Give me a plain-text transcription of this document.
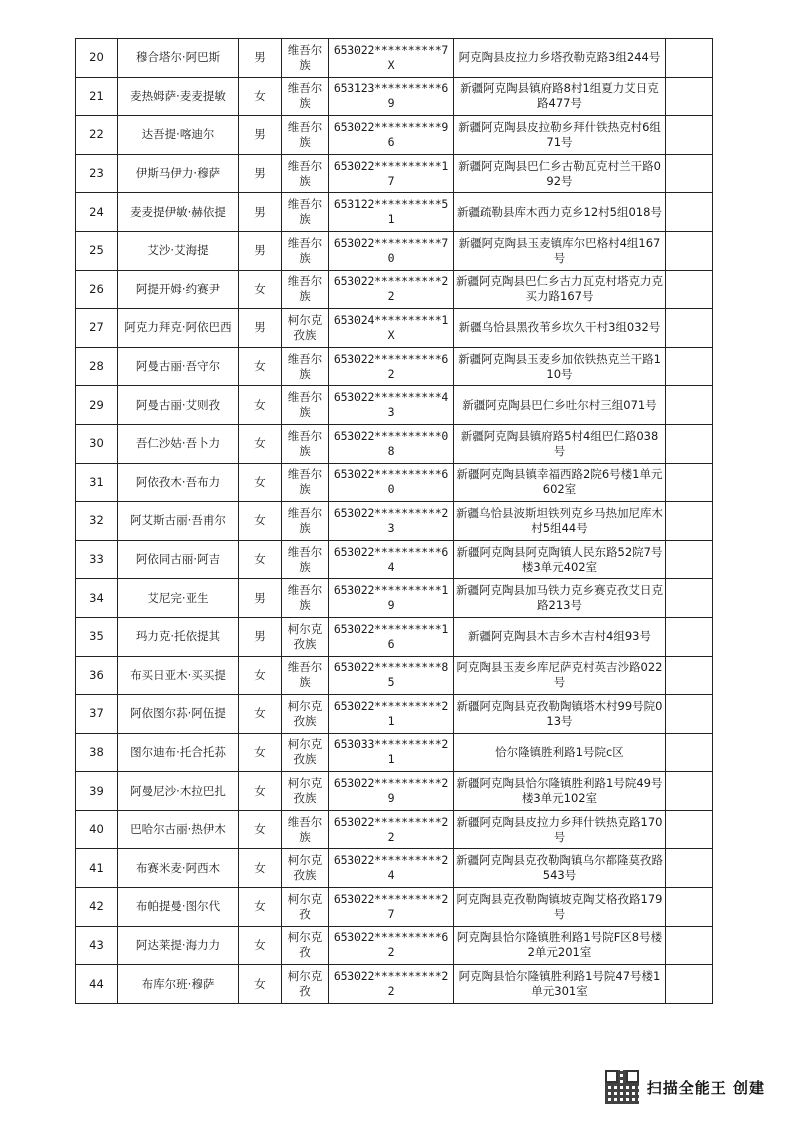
20	穆合塔尔·阿巴斯	男	维吾尔族	653022**********7X	阿克陶县皮拉力乡塔孜勒克路3组244号	
21	麦热姆萨·麦麦提敏	女	维吾尔族	653123**********69	新疆阿克陶县镇府路8村1组夏力艾日克路477号	
22	达吾提·喀迪尔	男	维吾尔族	653022**********96	新疆阿克陶县皮拉勒乡拜什铁热克村6组71号	
23	伊斯马伊力·穆萨	男	维吾尔族	653022**********17	新疆阿克陶县巴仁乡古勒瓦克村兰干路092号	
24	麦麦提伊敏·赫依提	男	维吾尔族	653122**********51	新疆疏勒县库木西力克乡12村5组018号	
25	艾沙·艾海提	男	维吾尔族	653022**********70	新疆阿克陶县玉麦镇库尔巴格村4组167号	
26	阿提开姆·约赛尹	女	维吾尔族	653022**********22	新疆阿克陶县巴仁乡古力瓦克村塔克力克买力路167号	
27	阿克力拜克·阿依巴西	男	柯尔克孜族	653024**********1X	新疆乌恰县黑孜苇乡坎久干村3组032号	
28	阿曼古丽·吾守尔	女	维吾尔族	653022**********62	新疆阿克陶县玉麦乡加依铁热克兰干路110号	
29	阿曼古丽·艾则孜	女	维吾尔族	653022**********43	新疆阿克陶县巴仁乡吐尔村三组071号	
30	吾仁沙姑·吾卜力	女	维吾尔族	653022**********08	新疆阿克陶县镇府路5村4组巴仁路038号	
31	阿依孜木·吾布力	女	维吾尔族	653022**********60	新疆阿克陶县镇幸福西路2院6号楼1单元602室	
32	阿艾斯古丽·吾甫尔	女	维吾尔族	653022**********23	新疆乌恰县波斯坦铁列克乡马热加尼库木村5组44号	
33	阿依同古丽·阿吉	女	维吾尔族	653022**********64	新疆阿克陶县阿克陶镇人民东路52院7号楼3单元402室	
34	艾尼完·亚生	男	维吾尔族	653022**********19	新疆阿克陶县加马铁力克乡赛克孜艾日克路213号	
35	玛力克·托依提其	男	柯尔克孜族	653022**********16	新疆阿克陶县木吉乡木吉村4组93号	
36	布买日亚木·买买提	女	维吾尔族	653022**********85	阿克陶县玉麦乡库尼萨克村英吉沙路022号	
37	阿依图尔荪·阿伍提	女	柯尔克孜族	653022**********21	新疆阿克陶县克孜勒陶镇塔木村99号院013号	
38	图尔迪布·托合托荪	女	柯尔克孜族	653033**********21	恰尔隆镇胜利路1号院c区	
39	阿曼尼沙·木拉巴扎	女	柯尔克孜族	653022**********29	新疆阿克陶县恰尔隆镇胜利路1号院49号楼3单元102室	
40	巴哈尔古丽·热伊木	女	维吾尔族	653022**********22	新疆阿克陶县皮拉力乡拜什铁热克路170号	
41	布赛米麦·阿西木	女	柯尔克孜族	653022**********24	新疆阿克陶县克孜勒陶镇乌尔都隆莫孜路543号	
42	布帕提曼·图尔代	女	柯尔克孜	653022**********27	阿克陶县克孜勒陶镇坡克陶艾格孜路179号	
43	阿达莱提·海力力	女	柯尔克孜	653022**********62	阿克陶县恰尔隆镇胜利路1号院F区8号楼2单元201室	
44	布库尔班·穆萨	女	柯尔克孜	653022**********22	阿克陶县恰尔隆镇胜利路1号院47号楼1单元301室	
扫描全能王 创建
